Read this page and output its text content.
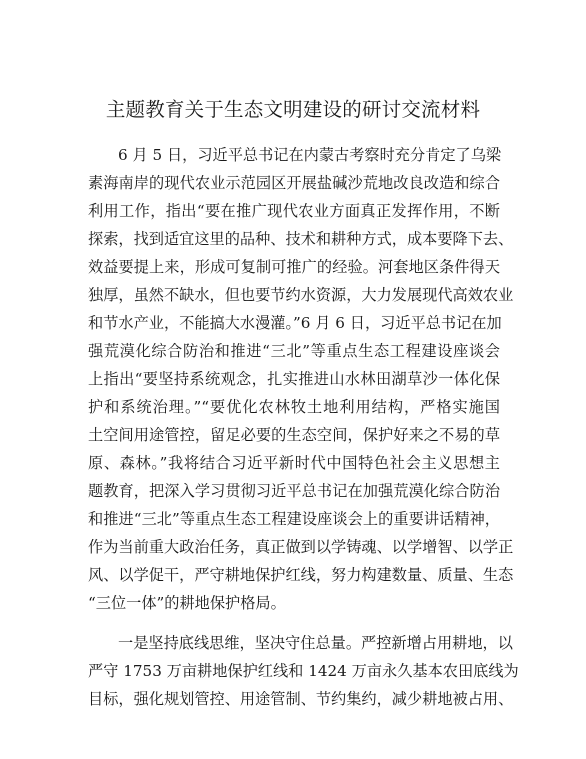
主题教育关于生态文明建设的研讨交流材料
6 月 5 日，习近平总书记在内蒙古考察时充分肯定了乌梁
素海南岸的现代农业示范园区开展盐碱沙荒地改良改造和综合
利用工作，指出“要在推广现代农业方面真正发挥作用，不断
探索，找到适宜这里的品种、技术和耕种方式，成本要降下去、
效益要提上来，形成可复制可推广的经验。河套地区条件得天
独厚，虽然不缺水，但也要节约水资源，大力发展现代高效农业
和节水产业，不能搞大水漫灌。”6 月 6 日，习近平总书记在加
强荒漠化综合防治和推进“三北”等重点生态工程建设座谈会
上指出“要坚持系统观念，扎实推进山水林田湖草沙一体化保
护和系统治理。”“要优化农林牧土地利用结构，严格实施国
土空间用途管控，留足必要的生态空间，保护好来之不易的草
原、森林。”我将结合习近平新时代中国特色社会主义思想主
题教育，把深入学习贯彻习近平总书记在加强荒漠化综合防治
和推进“三北”等重点生态工程建设座谈会上的重要讲话精神，
作为当前重大政治任务，真正做到以学铸魂、以学增智、以学正
风、以学促干，严守耕地保护红线，努力构建数量、质量、生态
“三位一体”的耕地保护格局。
一是坚持底线思维，坚决守住总量。严控新增占用耕地，以
严守 1753 万亩耕地保护红线和 1424 万亩永久基本农田底线为
目标，强化规划管控、用途管制、节约集约，减少耕地被占用、
